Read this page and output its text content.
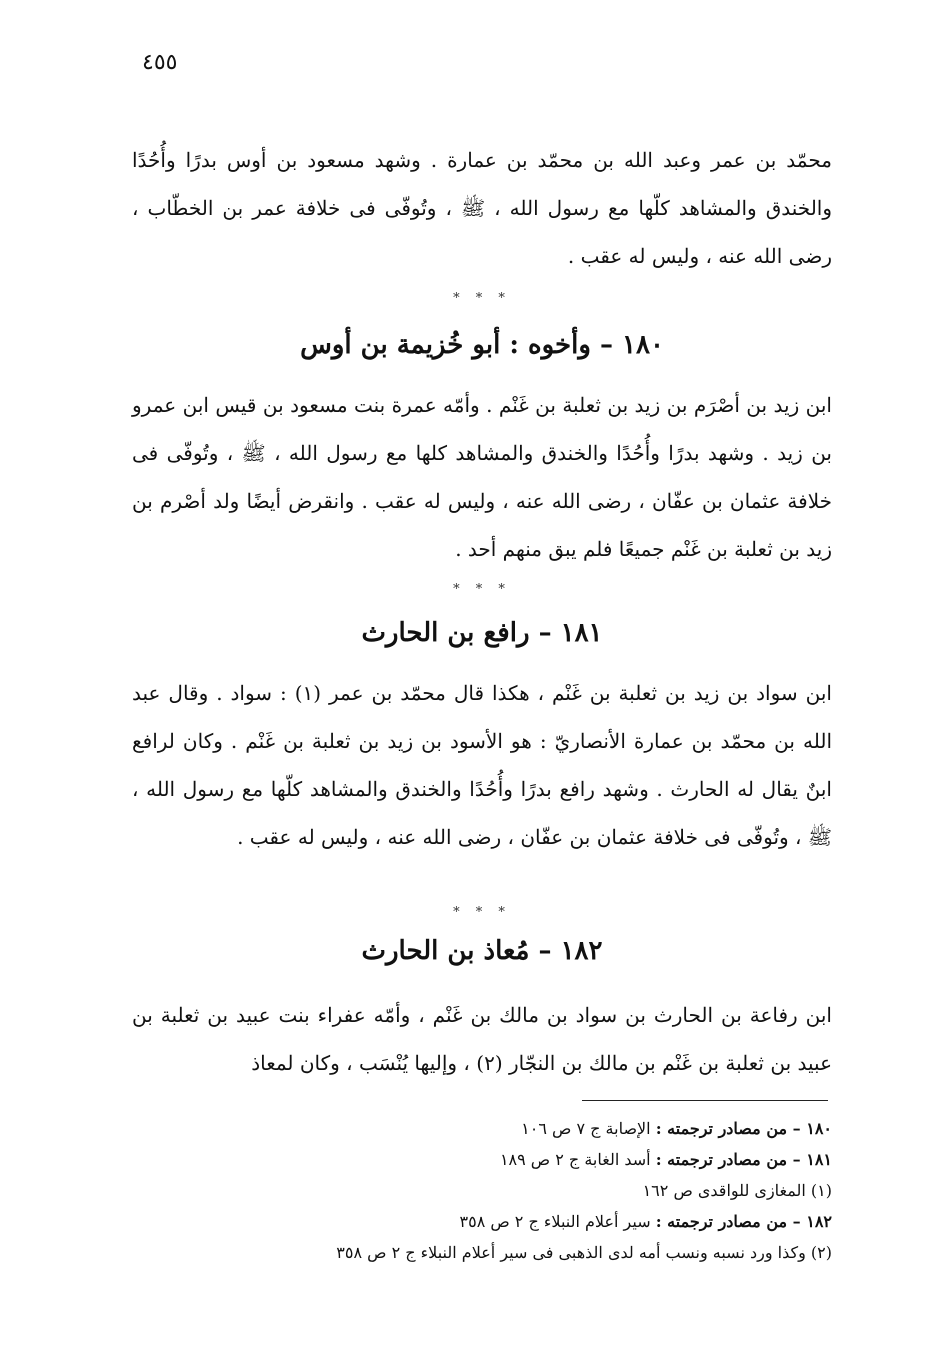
٤٥٥
محمّد بن عمر وعبد الله بن محمّد بن عمارة . وشهد مسعود بن أوس بدرًا وأُحُدًا والخندق والمشاهد كلّها مع رسول الله ، ﷺ ، وتُوفّى فى خلافة عمر بن الخطّاب ، رضى الله عنه ، وليس له عقب .
* * *
١٨٠ – وأخوه : أبو خُزيمة بن أوس
ابن زيد بن أصْرَم بن زيد بن ثعلبة بن غَنْم . وأمّه عمرة بنت مسعود بن قيس ابن عمرو بن زيد . وشهد بدرًا وأُحُدًا والخندق والمشاهد كلها مع رسول الله ، ﷺ ، وتُوفّى فى خلافة عثمان بن عفّان ، رضى الله عنه ، وليس له عقب . وانقرض أيضًا ولد أصْرم بن زيد بن ثعلبة بن غَنْم جميعًا فلم يبق منهم أحد .
* * *
١٨١ – رافع بن الحارث
ابن سواد بن زيد بن ثعلبة بن غَنْم ، هكذا قال محمّد بن عمر (١) : سواد . وقال عبد الله بن محمّد بن عمارة الأنصاريّ : هو الأسود بن زيد بن ثعلبة بن غَنْم . وكان لرافع ابنٌ يقال له الحارث . وشهد رافع بدرًا وأُحُدًا والخندق والمشاهد كلّها مع رسول الله ، ﷺ ، وتُوفّى فى خلافة عثمان بن عفّان ، رضى الله عنه ، وليس له عقب .
* * *
١٨٢ – مُعاذ بن الحارث
ابن رفاعة بن الحارث بن سواد بن مالك بن غَنْم ، وأمّه عفراء بنت عبيد بن ثعلبة بن عبيد بن ثعلبة بن غَنْم بن مالك بن النجّار (٢) ، وإليها يُنْسَب ، وكان لمعاذ
١٨٠ – من مصادر ترجمته : الإصابة ج ٧ ص ١٠٦
١٨١ – من مصادر ترجمته : أسد الغابة ج ٢ ص ١٨٩
(١) المغازى للواقدى ص ١٦٢
١٨٢ – من مصادر ترجمته : سير أعلام النبلاء ج ٢ ص ٣٥٨
(٢) وكذا ورد نسبه ونسب أمه لدى الذهبى فى سير أعلام النبلاء ج ٢ ص ٣٥٨
